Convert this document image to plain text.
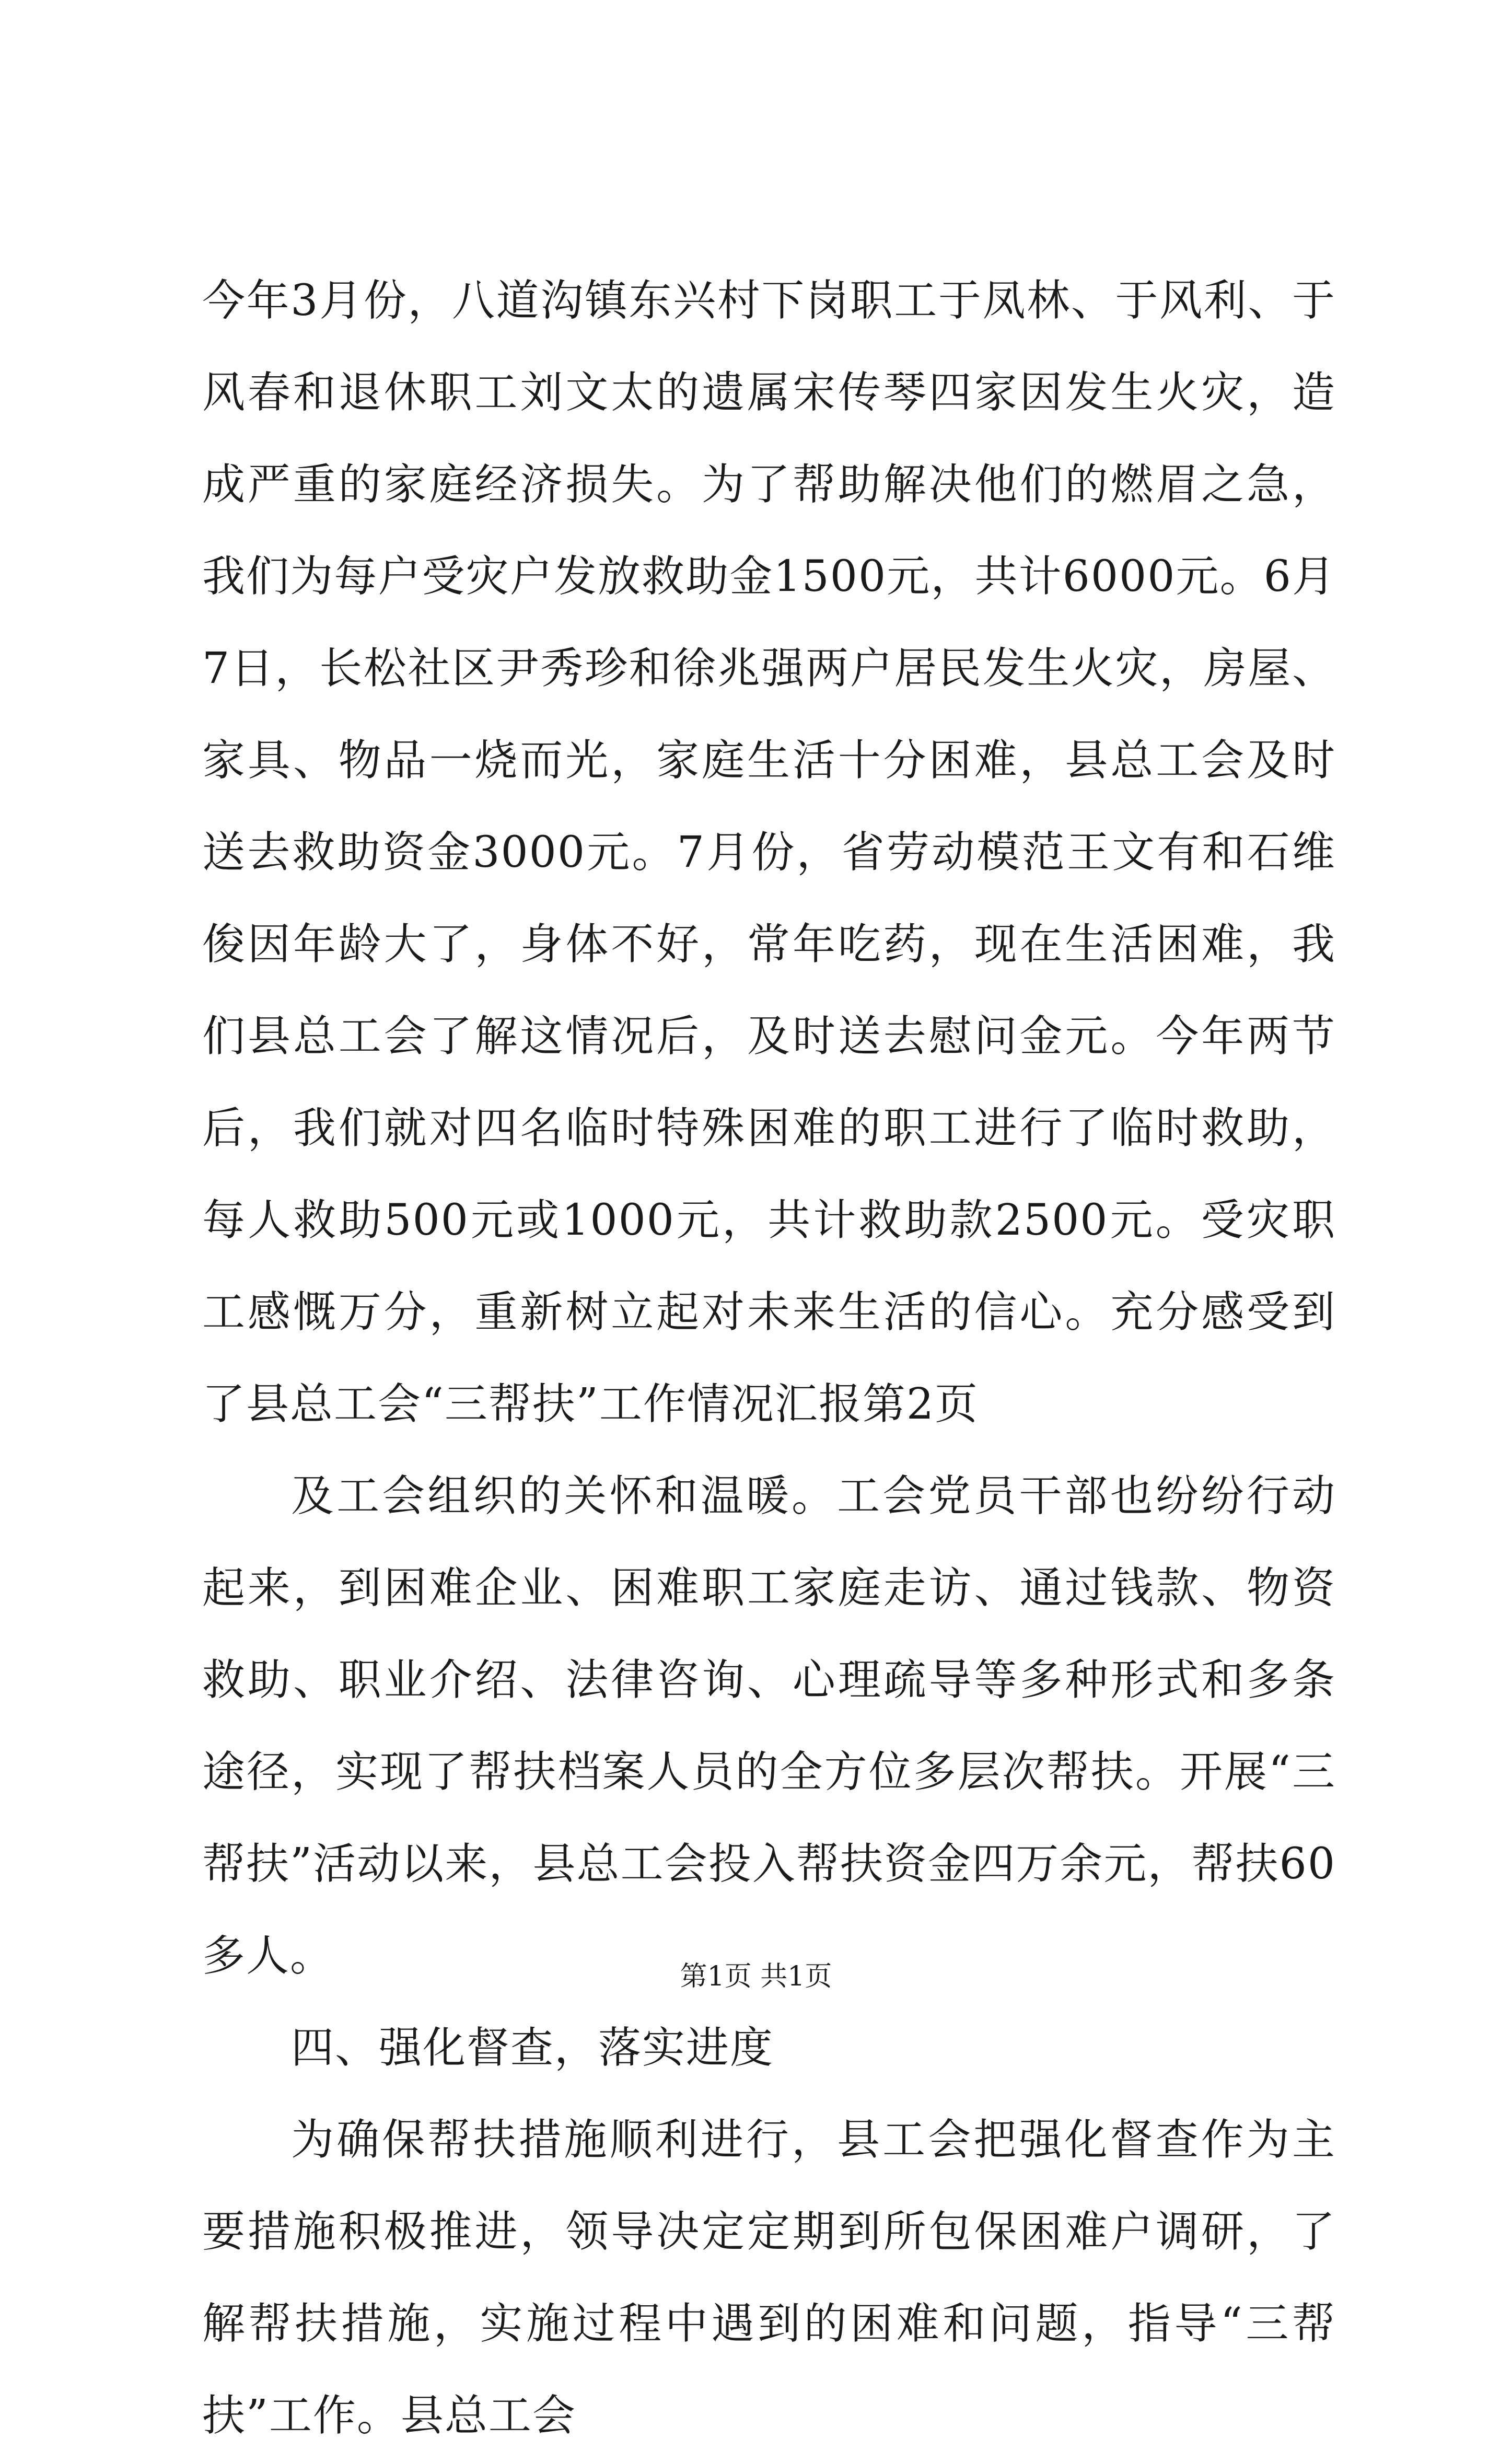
今年3月份，八道沟镇东兴村下岗职工于凤林、于风利、于风春和退休职工刘文太的遗属宋传琴四家因发生火灾，造成严重的家庭经济损失。为了帮助解决他们的燃眉之急，我们为每户受灾户发放救助金1500元，共计6000元。6月7日，长松社区尹秀珍和徐兆强两户居民发生火灾，房屋、家具、物品一烧而光，家庭生活十分困难，县总工会及时送去救助资金3000元。7月份，省劳动模范王文有和石维俊因年龄大了，身体不好，常年吃药，现在生活困难，我们县总工会了解这情况后，及时送去慰问金元。今年两节后，我们就对四名临时特殊困难的职工进行了临时救助，每人救助500元或1000元，共计救助款2500元。受灾职工感慨万分，重新树立起对未来生活的信心。充分感受到了县总工会“三帮扶”工作情况汇报第2页

及工会组织的关怀和温暖。工会党员干部也纷纷行动起来，到困难企业、困难职工家庭走访、通过钱款、物资救助、职业介绍、法律咨询、心理疏导等多种形式和多条途径，实现了帮扶档案人员的全方位多层次帮扶。开展“三帮扶”活动以来，县总工会投入帮扶资金四万余元，帮扶60多人。

四、强化督查，落实进度

为确保帮扶措施顺利进行，县工会把强化督查作为主要措施积极推进，领导决定定期到所包保困难户调研，了解帮扶措施，实施过程中遇到的困难和问题，指导“三帮扶”工作。县总工会

第1页 共1页
